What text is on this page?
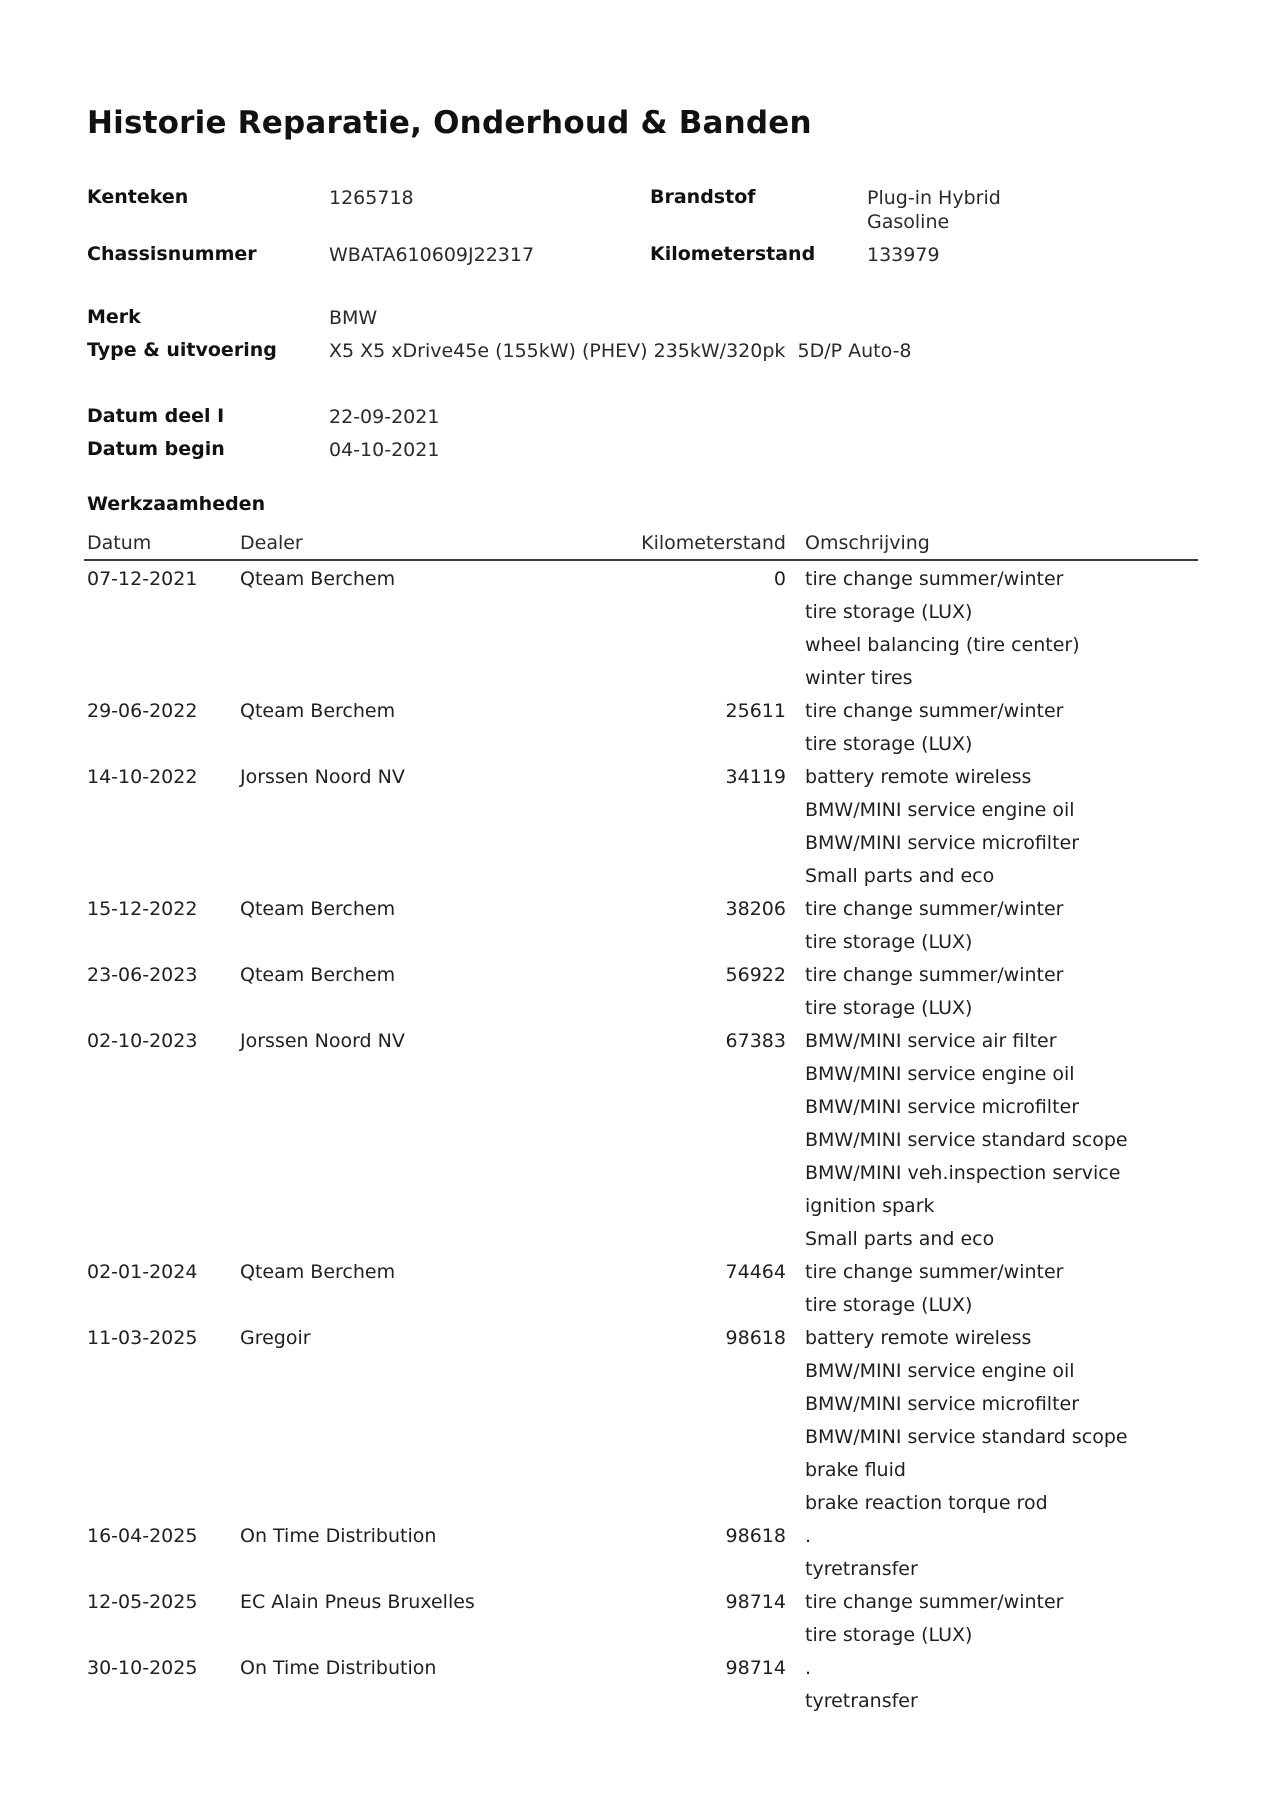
Historie Reparatie, Onderhoud & Banden
Kenteken	1265718	Brandstof	Plug-in Hybrid
Gasoline
Chassisnummer	WBATA610609J22317	Kilometerstand	133979
Merk	BMW
Type & uitvoering	X5 X5 xDrive45e (155kW) (PHEV) 235kW/320pk  5D/P Auto-8
Datum deel I	22-09-2021
Datum begin	04-10-2021
Werkzaamheden
Datum	Dealer	Kilometerstand Omschrijving
07-12-2021 Qteam Berchem	0 tire change summer/winter
tire storage (LUX)
wheel balancing (tire center)
winter tires
29-06-2022 Qteam Berchem	25611 tire change summer/winter
tire storage (LUX)
14-10-2022 Jorssen Noord NV	34119 battery remote wireless
BMW/MINI service engine oil
BMW/MINI service microfilter
Small parts and eco
15-12-2022 Qteam Berchem	38206 tire change summer/winter
tire storage (LUX)
23-06-2023 Qteam Berchem	56922 tire change summer/winter
tire storage (LUX)
02-10-2023 Jorssen Noord NV	67383 BMW/MINI service air filter
BMW/MINI service engine oil
BMW/MINI service microfilter
BMW/MINI service standard scope
BMW/MINI veh.inspection service
ignition spark
Small parts and eco
02-01-2024 Qteam Berchem	74464 tire change summer/winter
tire storage (LUX)
11-03-2025 Gregoir	98618 battery remote wireless
BMW/MINI service engine oil
BMW/MINI service microfilter
BMW/MINI service standard scope
brake fluid
brake reaction torque rod
16-04-2025 On Time Distribution	98618 .
tyretransfer
12-05-2025 EC Alain Pneus Bruxelles	98714 tire change summer/winter
tire storage (LUX)
30-10-2025 On Time Distribution	98714 .
tyretransfer
